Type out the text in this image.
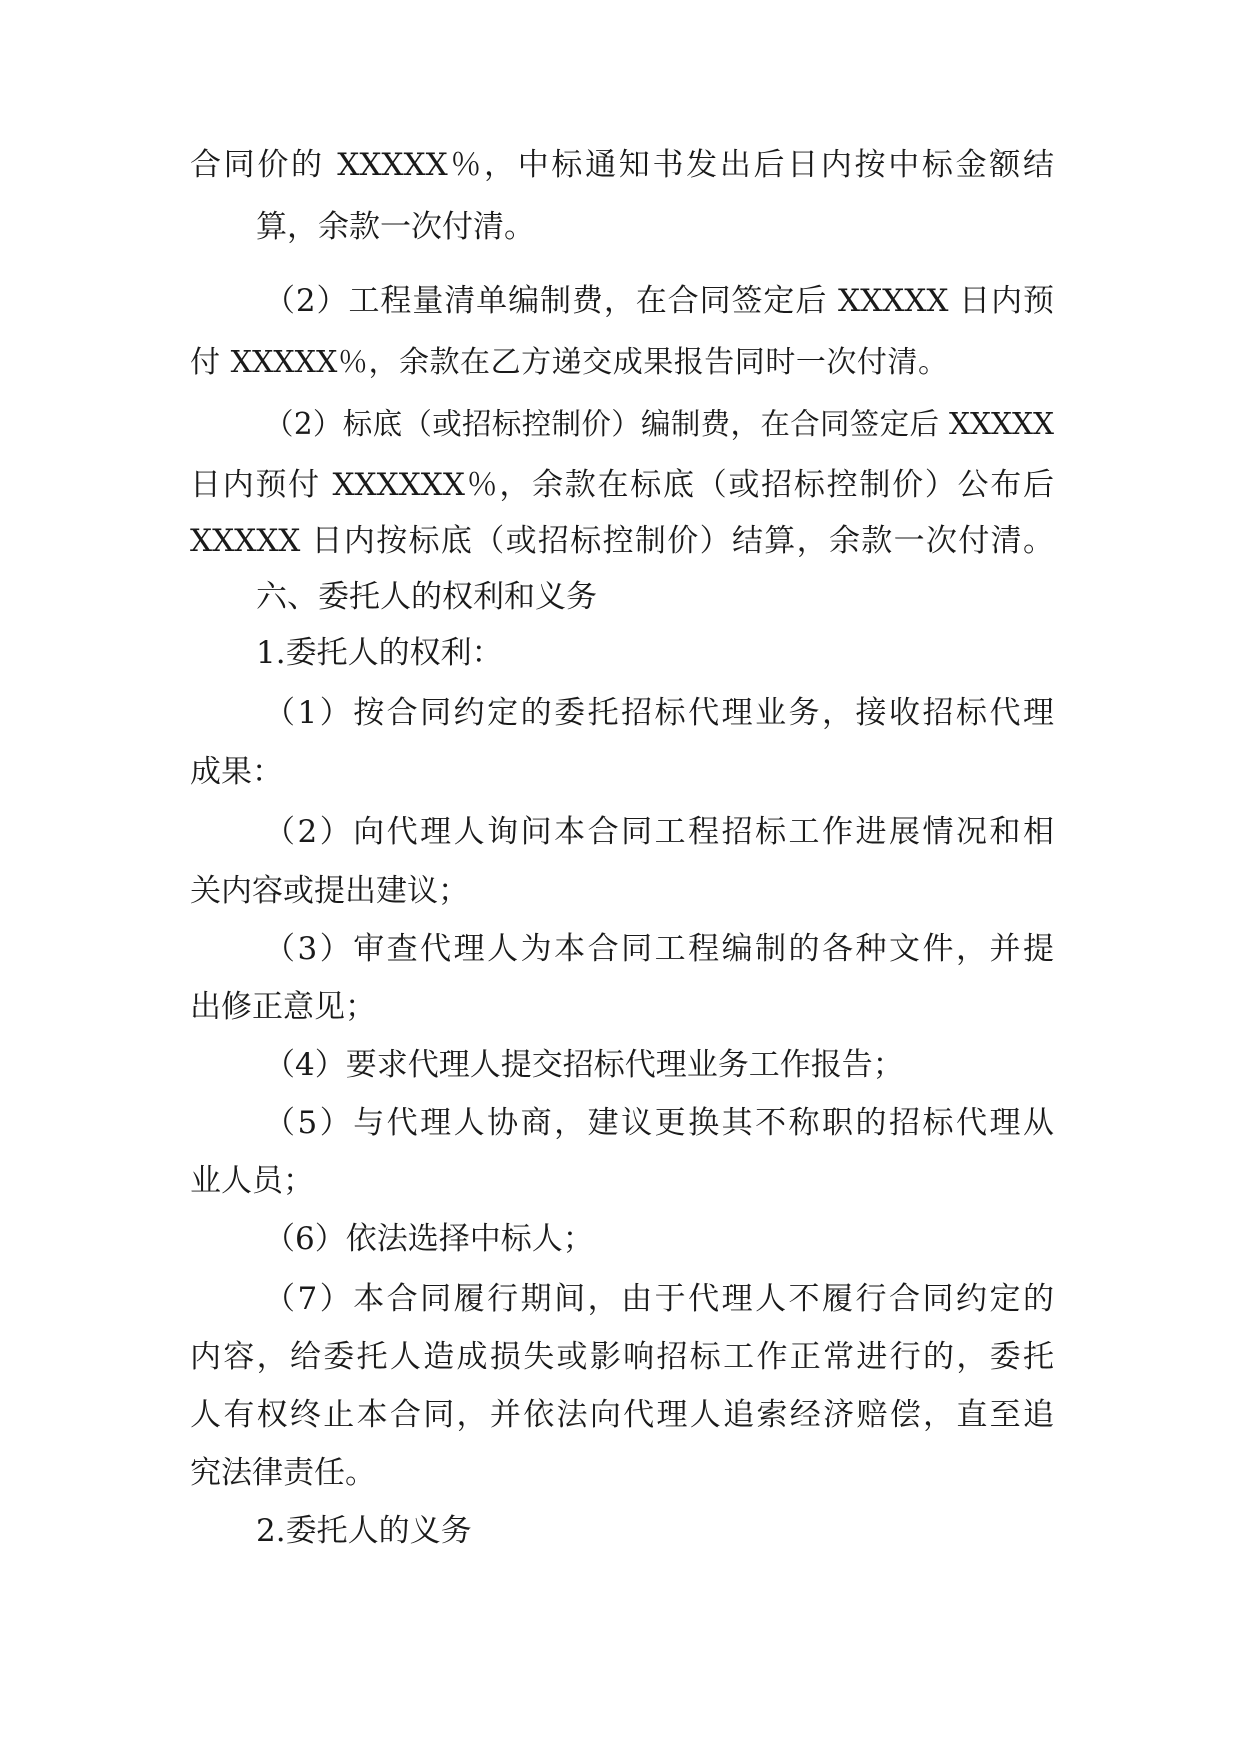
合同价的 XXXXX％，中标通知书发出后日内按中标金额结
算，余款一次付清。
（2）工程量清单编制费，在合同签定后 XXXXX 日内预
付 XXXXX％，余款在乙方递交成果报告同时一次付清。
（2）标底（或招标控制价）编制费，在合同签定后 XXXXX
日内预付 XXXXXX％，余款在标底（或招标控制价）公布后
XXXXX 日内按标底（或招标控制价）结算，余款一次付清。
六、委托人的权利和义务
1.委托人的权利：
（1）按合同约定的委托招标代理业务，接收招标代理
成果：
（2）向代理人询问本合同工程招标工作进展情况和相
关内容或提出建议；
（3）审查代理人为本合同工程编制的各种文件，并提
出修正意见；
（4）要求代理人提交招标代理业务工作报告；
（5）与代理人协商，建议更换其不称职的招标代理从
业人员；
（6）依法选择中标人；
（7）本合同履行期间，由于代理人不履行合同约定的
内容，给委托人造成损失或影响招标工作正常进行的，委托
人有权终止本合同，并依法向代理人追索经济赔偿，直至追
究法律责任。
2.委托人的义务
